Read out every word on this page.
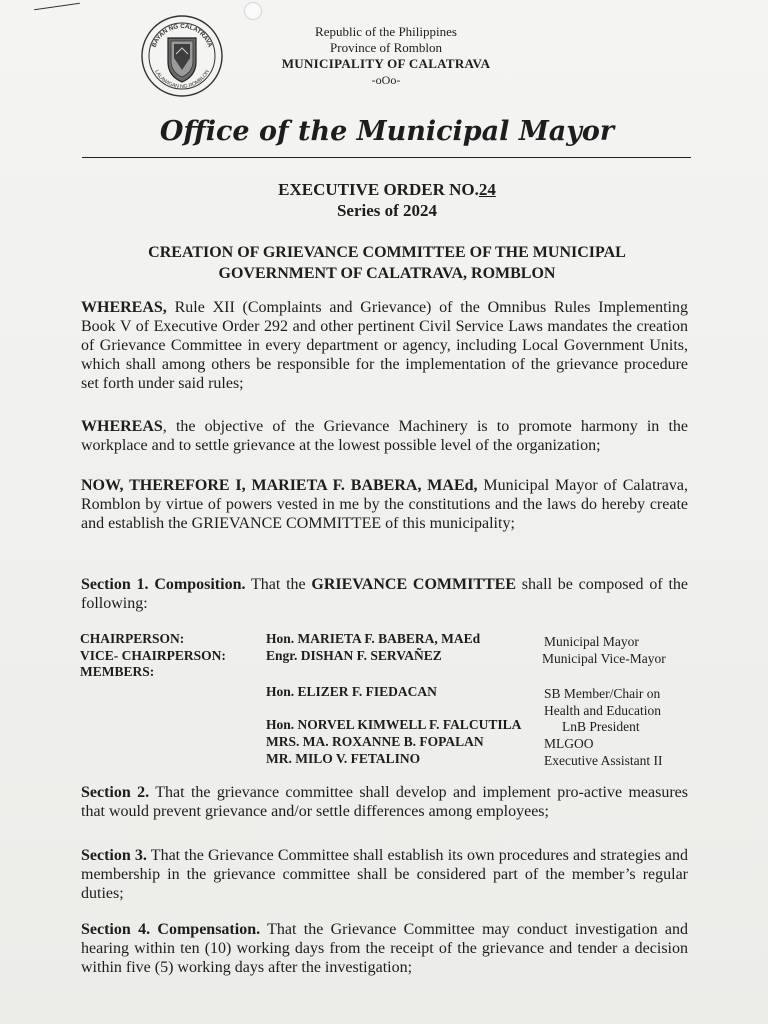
BAYAN NG CALATRAVA
LALAWIGAN NG ROMBLON
Republic of the Philippines
Province of Romblon
MUNICIPALITY OF CALATRAVA
-oOo-
Office of the Municipal Mayor
EXECUTIVE ORDER NO.24
Series of 2024
CREATION OF GRIEVANCE COMMITTEE OF THE MUNICIPAL
GOVERNMENT OF CALATRAVA, ROMBLON
WHEREAS, Rule XII (Complaints and Grievance) of the Omnibus Rules Implementing Book V of Executive Order 292 and other pertinent Civil Service Laws mandates the creation of Grievance Committee in every department or agency, including Local Government Units, which shall among others be responsible for the implementation of the grievance procedure set forth under said rules;
WHEREAS, the objective of the Grievance Machinery is to promote harmony in the workplace and to settle grievance at the lowest possible level of the organization;
NOW, THEREFORE I, MARIETA F. BABERA, MAEd, Municipal Mayor of Calatrava, Romblon by virtue of powers vested in me by the constitutions and the laws do hereby create and establish the GRIEVANCE COMMITTEE of this municipality;
Section 1. Composition. That the GRIEVANCE COMMITTEE shall be composed of the following:
CHAIRPERSON:	Hon. MARIETA F. BABERA, MAEd	Municipal Mayor
VICE- CHAIRPERSON:	Engr. DISHAN F. SERVAÑEZ	Municipal Vice-Mayor
MEMBERS:
Hon. ELIZER F. FIEDACAN	SB Member/Chair on
Health and Education
Hon. NORVEL KIMWELL F. FALCUTILA	LnB President
MRS. MA. ROXANNE B. FOPALAN	MLGOO
MR. MILO V. FETALINO	Executive Assistant II
Section 2. That the grievance committee shall develop and implement pro-active measures that would prevent grievance and/or settle differences among employees;
Section 3. That the Grievance Committee shall establish its own procedures and strategies and membership in the grievance committee shall be considered part of the member’s regular duties;
Section 4. Compensation. That the Grievance Committee may conduct investigation and hearing within ten (10) working days from the receipt of the grievance and tender a decision within five (5) working days after the investigation;
